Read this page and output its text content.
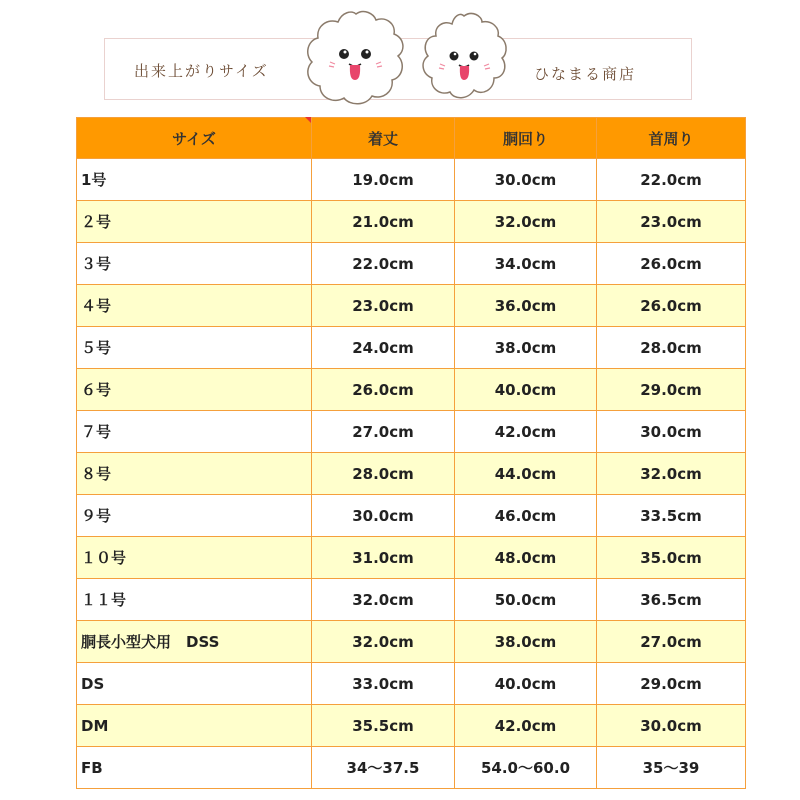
出来上がりサイズ	ひなまる商店
サイズ	着丈	胴回り	首周り
1号	19.0cm	30.0cm	22.0cm
２号	21.0cm	32.0cm	23.0cm
３号	22.0cm	34.0cm	26.0cm
４号	23.0cm	36.0cm	26.0cm
５号	24.0cm	38.0cm	28.0cm
６号	26.0cm	40.0cm	29.0cm
７号	27.0cm	42.0cm	30.0cm
８号	28.0cm	44.0cm	32.0cm
９号	30.0cm	46.0cm	33.5cm
１０号	31.0cm	48.0cm	35.0cm
１１号	32.0cm	50.0cm	36.5cm
胴長小型犬用　DSS	32.0cm	38.0cm	27.0cm
DS	33.0cm	40.0cm	29.0cm
DM	35.5cm	42.0cm	30.0cm
FB	34～37.5	54.0～60.0	35～39
